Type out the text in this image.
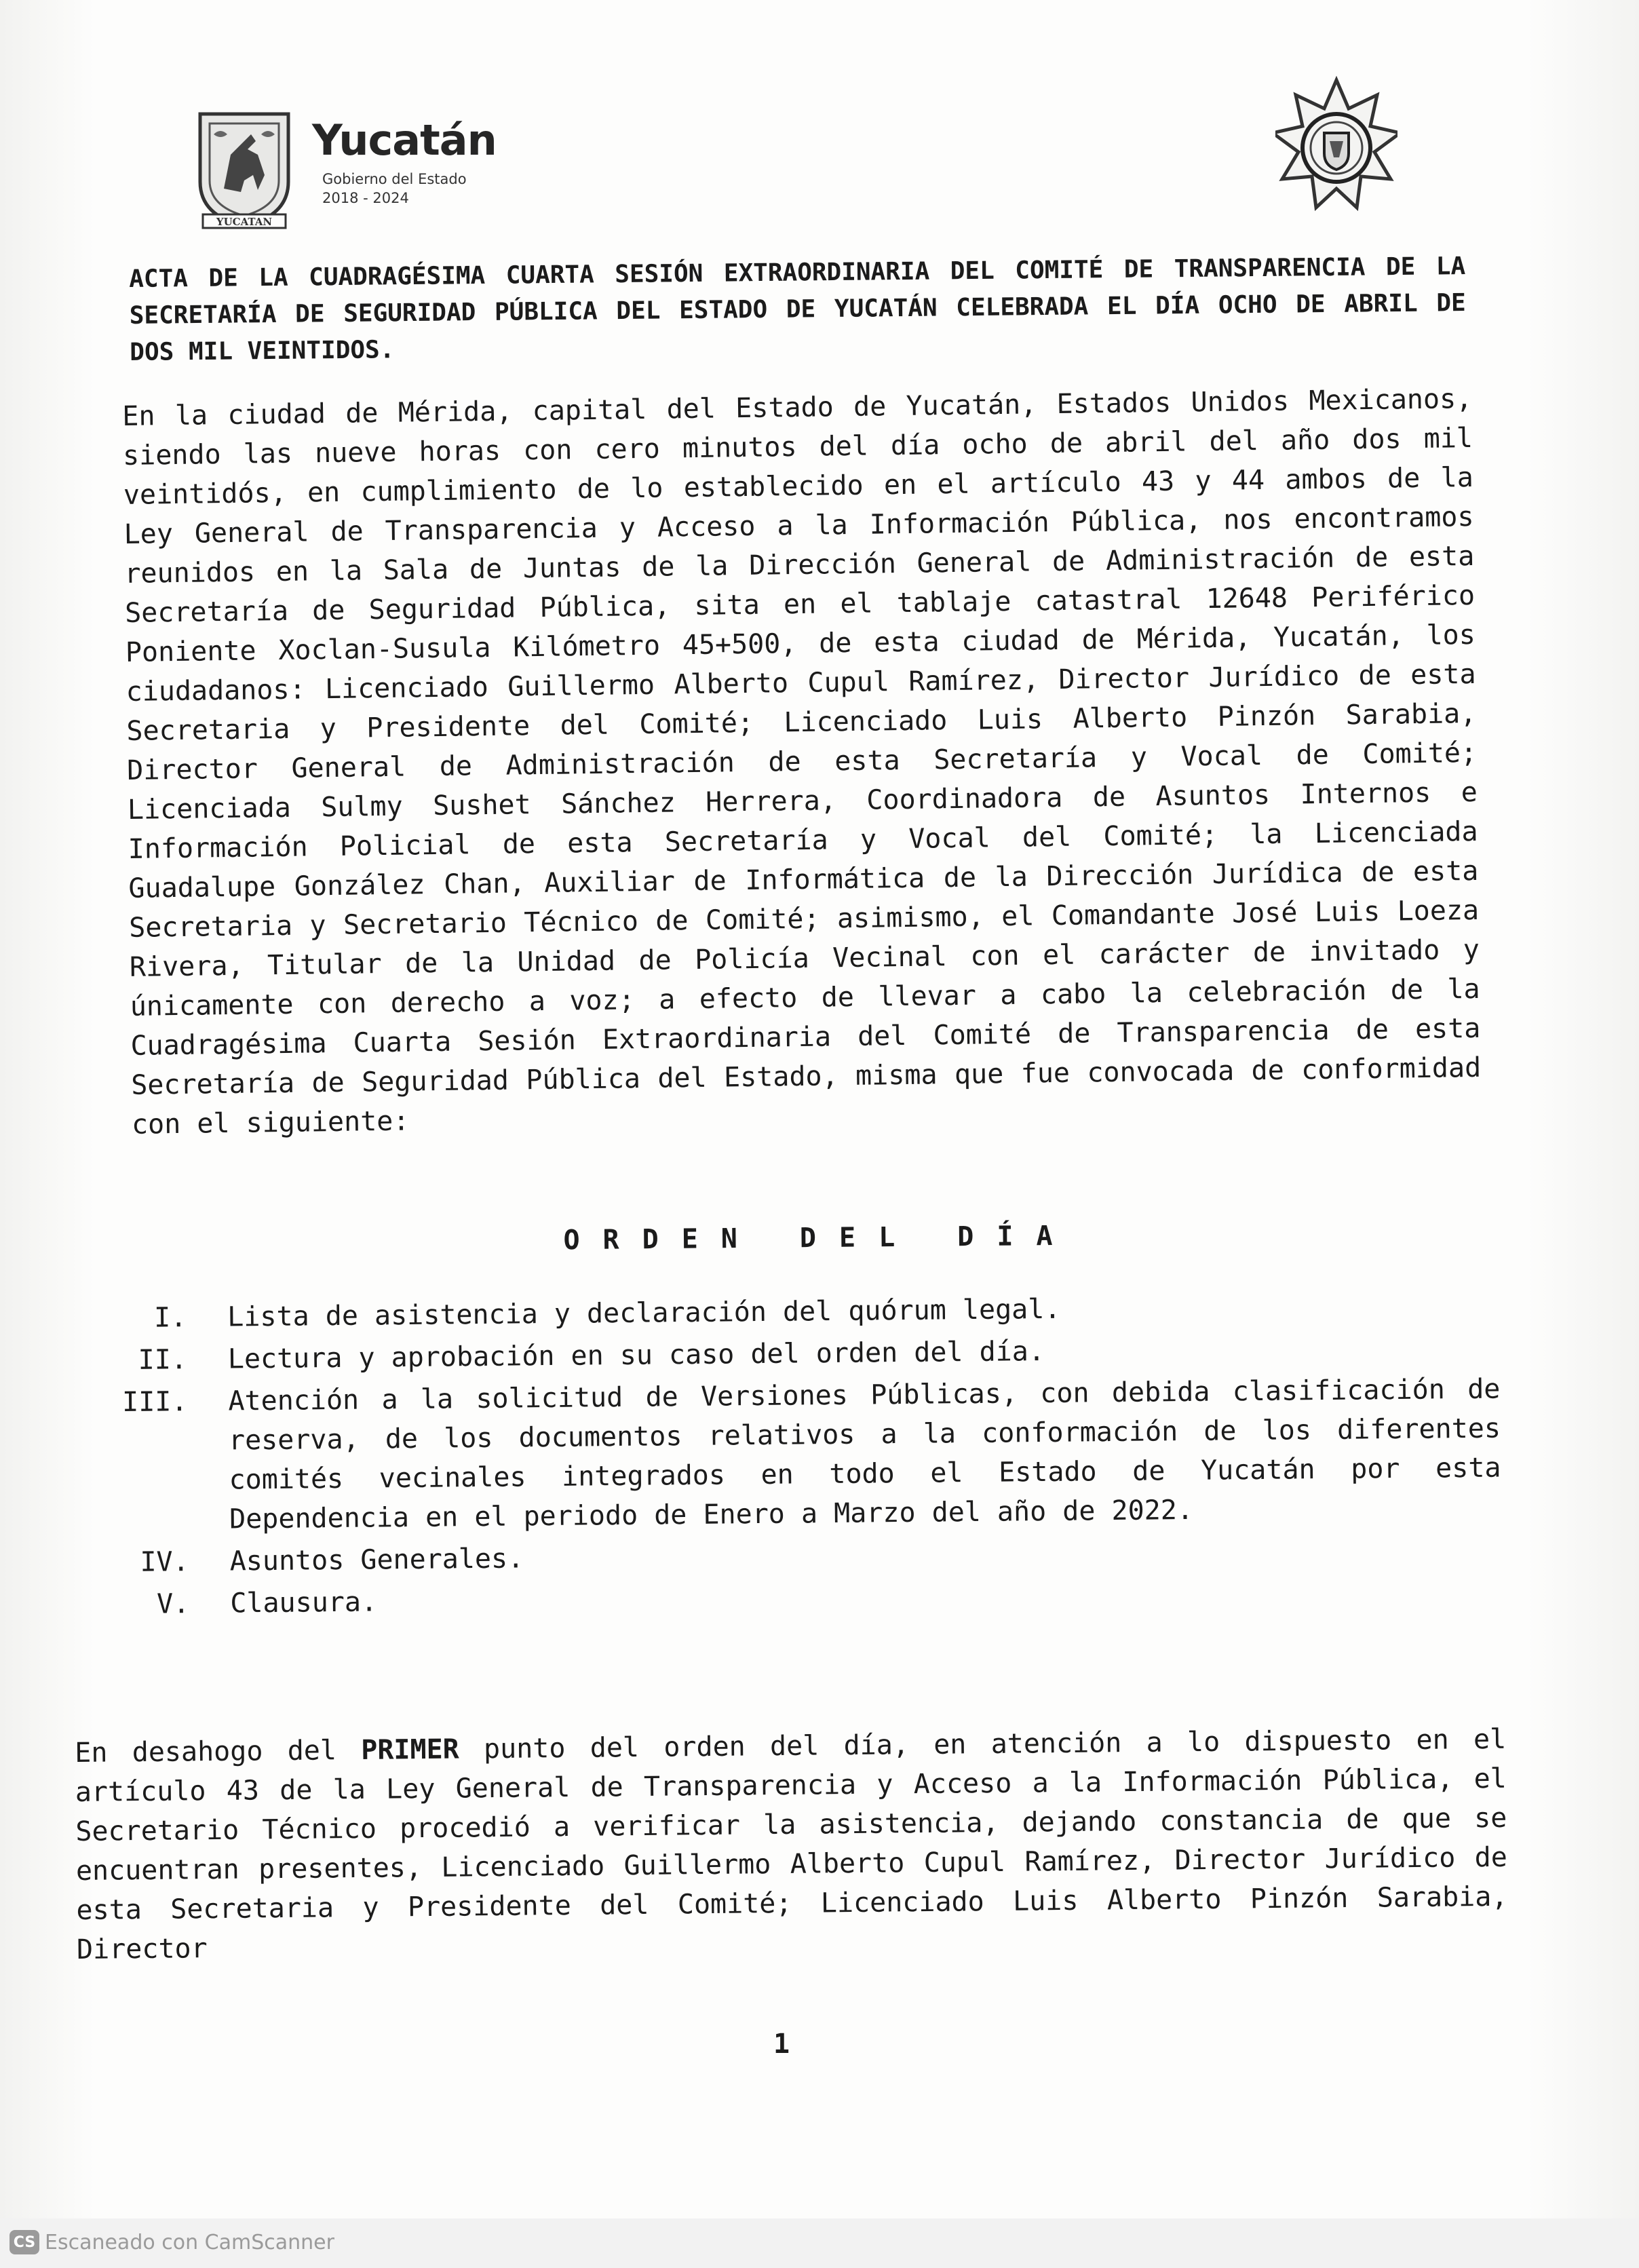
YUCATAN
Yucatán
Gobierno del Estado
2018 - 2024
ACTA DE LA CUADRAGÉSIMA CUARTA SESIÓN EXTRAORDINARIA DEL COMITÉ DE TRANSPARENCIA DE LA SECRETARÍA DE SEGURIDAD PÚBLICA DEL ESTADO DE YUCATÁN CELEBRADA EL DÍA OCHO DE ABRIL DE DOS MIL VEINTIDOS.
En la ciudad de Mérida, capital del Estado de Yucatán, Estados Unidos Mexicanos, siendo las nueve horas con cero minutos del día ocho de abril del año dos mil veintidós, en cumplimiento de lo establecido en el artículo 43 y 44 ambos de la Ley General de Transparencia y Acceso a la Información Pública, nos encontramos reunidos en la Sala de Juntas de la Dirección General de Administración de esta Secretaría de Seguridad Pública, sita en el tablaje catastral 12648 Periférico Poniente Xoclan-Susula Kilómetro 45+500, de esta ciudad de Mérida, Yucatán, los ciudadanos: Licenciado Guillermo Alberto Cupul Ramírez, Director Jurídico de esta Secretaria y Presidente del Comité; Licenciado Luis Alberto Pinzón Sarabia, Director General de Administración de esta Secretaría y Vocal de Comité; Licenciada Sulmy Sushet Sánchez Herrera, Coordinadora de Asuntos Internos e Información Policial de esta Secretaría y Vocal del Comité; la Licenciada Guadalupe González Chan, Auxiliar de Informática de la Dirección Jurídica de esta Secretaria y Secretario Técnico de Comité; asimismo, el Comandante José Luis Loeza Rivera, Titular de la Unidad de Policía Vecinal con el carácter de invitado y únicamente con derecho a voz; a efecto de llevar a cabo la celebración de la Cuadragésima Cuarta Sesión Extraordinaria del Comité de Transparencia de esta Secretaría de Seguridad Pública del Estado, misma que fue convocada de conformidad con el siguiente:
ORDEN DEL DÍA
I.	Lista de asistencia y declaración del quórum legal.
II.	Lectura y aprobación en su caso del orden del día.
III.	Atención a la solicitud de Versiones Públicas, con debida clasificación de reserva, de los documentos relativos a la conformación de los diferentes comités vecinales integrados en todo el Estado de Yucatán por esta Dependencia en el periodo de Enero a Marzo del año de 2022.
IV.	Asuntos Generales.
V.	Clausura.
En desahogo del PRIMER punto del orden del día, en atención a lo dispuesto en el artículo 43 de la Ley General de Transparencia y Acceso a la Información Pública, el Secretario Técnico procedió a verificar la asistencia, dejando constancia de que se encuentran presentes, Licenciado Guillermo Alberto Cupul Ramírez, Director Jurídico de esta Secretaria y Presidente del Comité; Licenciado Luis Alberto Pinzón Sarabia, Director
1
CS Escaneado con CamScanner
